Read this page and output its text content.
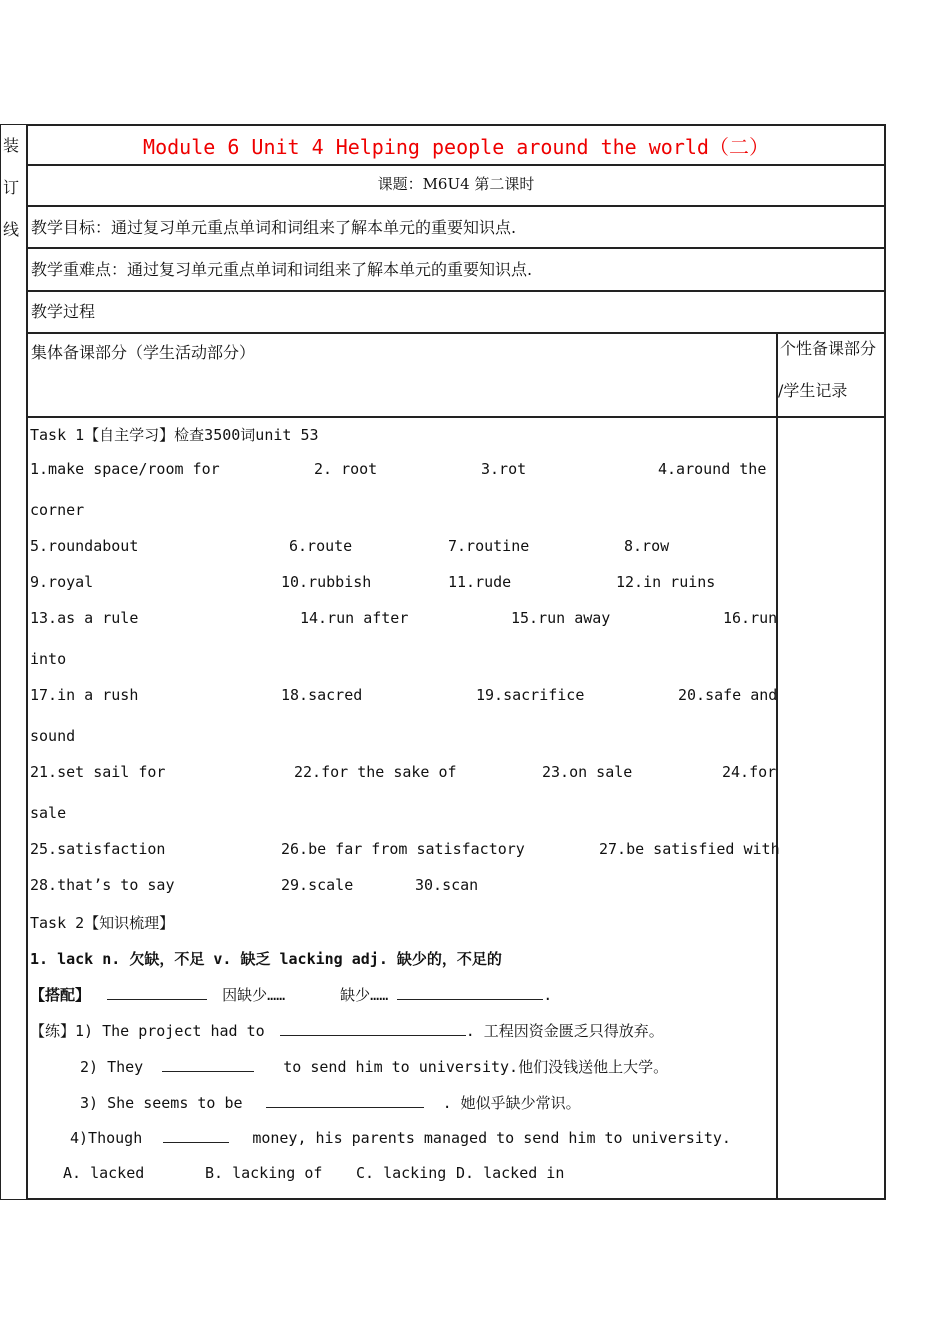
装
订
线
Module 6 Unit 4 Helping people around the world（二）
课题：M6U4 第二课时
教学目标：通过复习单元重点单词和词组来了解本单元的重要知识点.
教学重难点：通过复习单元重点单词和词组来了解本单元的重要知识点.
教学过程
集体备课部分（学生活动部分）	个性备课部分
/学生记录
Task 1【自主学习】检查3500词unit 53
1.make space/room for	2. root	3.rot	4.around the
corner
5.roundabout	6.route	7.routine	8.row
9.royal	10.rubbish	11.rude	12.in ruins
13.as a rule	14.run after	15.run away	16.run
into
17.in a rush	18.sacred	19.sacrifice	20.safe and
sound
21.set sail for	22.for the sake of	23.on sale	24.for
sale
25.satisfaction	26.be far from satisfactory	27.be satisfied with
28.that’s to say	29.scale	30.scan
Task 2【知识梳理】
1. lack n. 欠缺，不足 v. 缺乏 lacking adj. 缺少的，不足的
【搭配】	因缺少……	缺少……	.
【练】1) The project had to	. 工程因资金匮乏只得放弃。
2) They	to send him to university.他们没钱送他上大学。
3) She seems to be	. 她似乎缺少常识。
4)Though	money, his parents managed to send him to university.
A. lacked	B. lacking of C. lacking D. lacked in
